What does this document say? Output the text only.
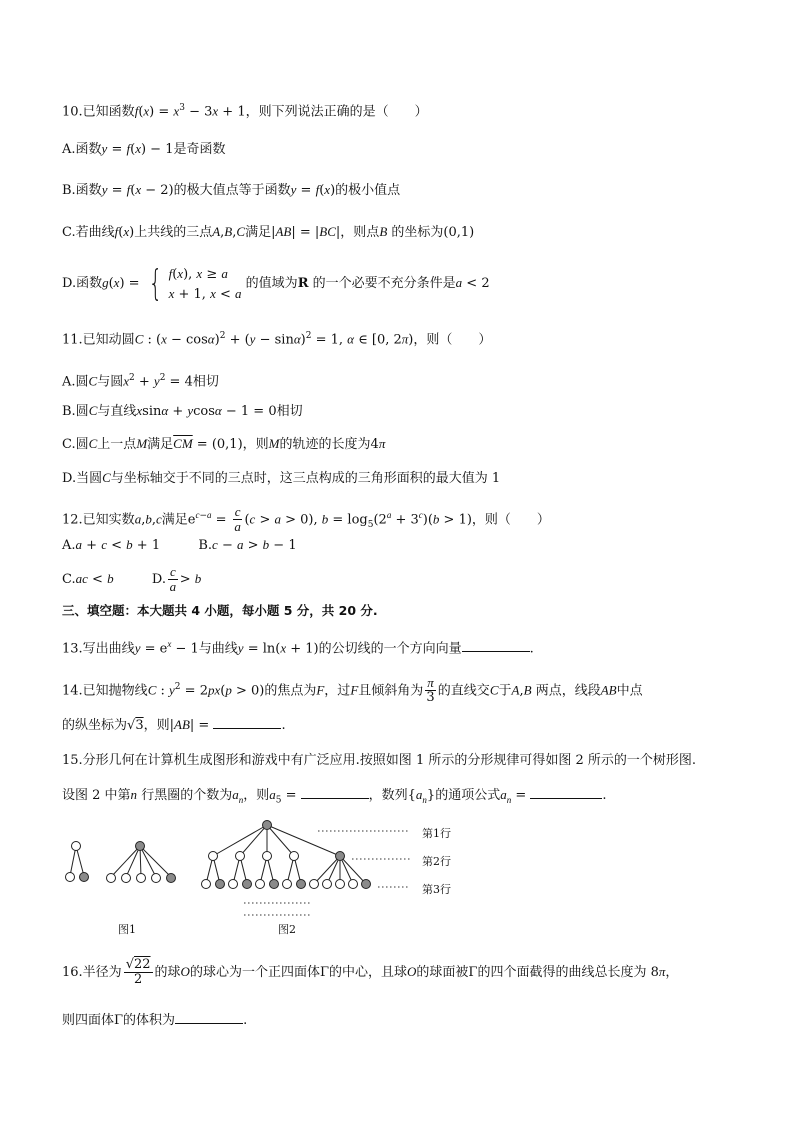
10.已知函数$f(x) = x^3 - 3x + 1$，则下列说法正确的是（　　）
A.函数y = f(x) − 1是奇函数
B.函数y = f(x − 2)的极大值点等于函数y = f(x)的极小值点
C.若曲线f(x)上共线的三点A,B,C满足|AB| = |BC|，则点B 的坐标为(0,1)
D.函数g(x) = { f(x), x ≥ a
x + 1, x < a
的值域为R 的一个必要不充分条件是a < 2
11.已知动圆C : $(x - \cos\alpha)^2 + (y - \sin\alpha)^2 = 1$, α ∈ [0, 2π)，则（　　）
A.圆C与圆$x^2 + y^2 = 4$相切
B.圆C与直线xsinα + ycosα − 1 = 0相切
C.圆C上一点M满足$\overline{CM} = (0,1)$，则M的轨迹的长度为4π
D.当圆C与坐标轴交于不同的三点时，这三点构成的三角形面积的最大值为 1
12.已知实数a,b,c满足$e^{c-a} = \frac{c}{a} (c > a > 0)$, $b = \log_5(2^a + 3^c)(b > 1)$，则（　　）
A.a + c < b + 1	B.c − a > b − 1
C.ac < b	D. $\frac{c}{a} > b$
三、填空题：本大题共 4 小题，每小题 5 分，共 20 分.
13.写出曲线$y = e^x - 1$与曲线y = ln(x + 1)的公切线的一个方向向量	.
14.已知抛物线C : $y^2 = 2px(p > 0)$的焦点为F，过F且倾斜角为 $\frac{\pi}{3}$ 的直线交C于A,B 两点，线段AB中点
的纵坐标为√3，则|AB| =	.
15.分形几何在计算机生成图形和游戏中有广泛应用.按照如图 1 所示的分形规律可得如图 2 所示的一个树形图.
设图 2 中第n 行黑圈的个数为$a_n$，则$a_5$ =	，数列$\{a_n\}$的通项公式$a_n$ =	.
第1行
第2行
第3行
图1	图2
16.半径为 $\frac{√22}{2}$ 的球O的球心为一个正四面体Γ的中心，且球O的球面被Γ的四个面截得的曲线总长度为 8π，
则四面体Γ的体积为	.
